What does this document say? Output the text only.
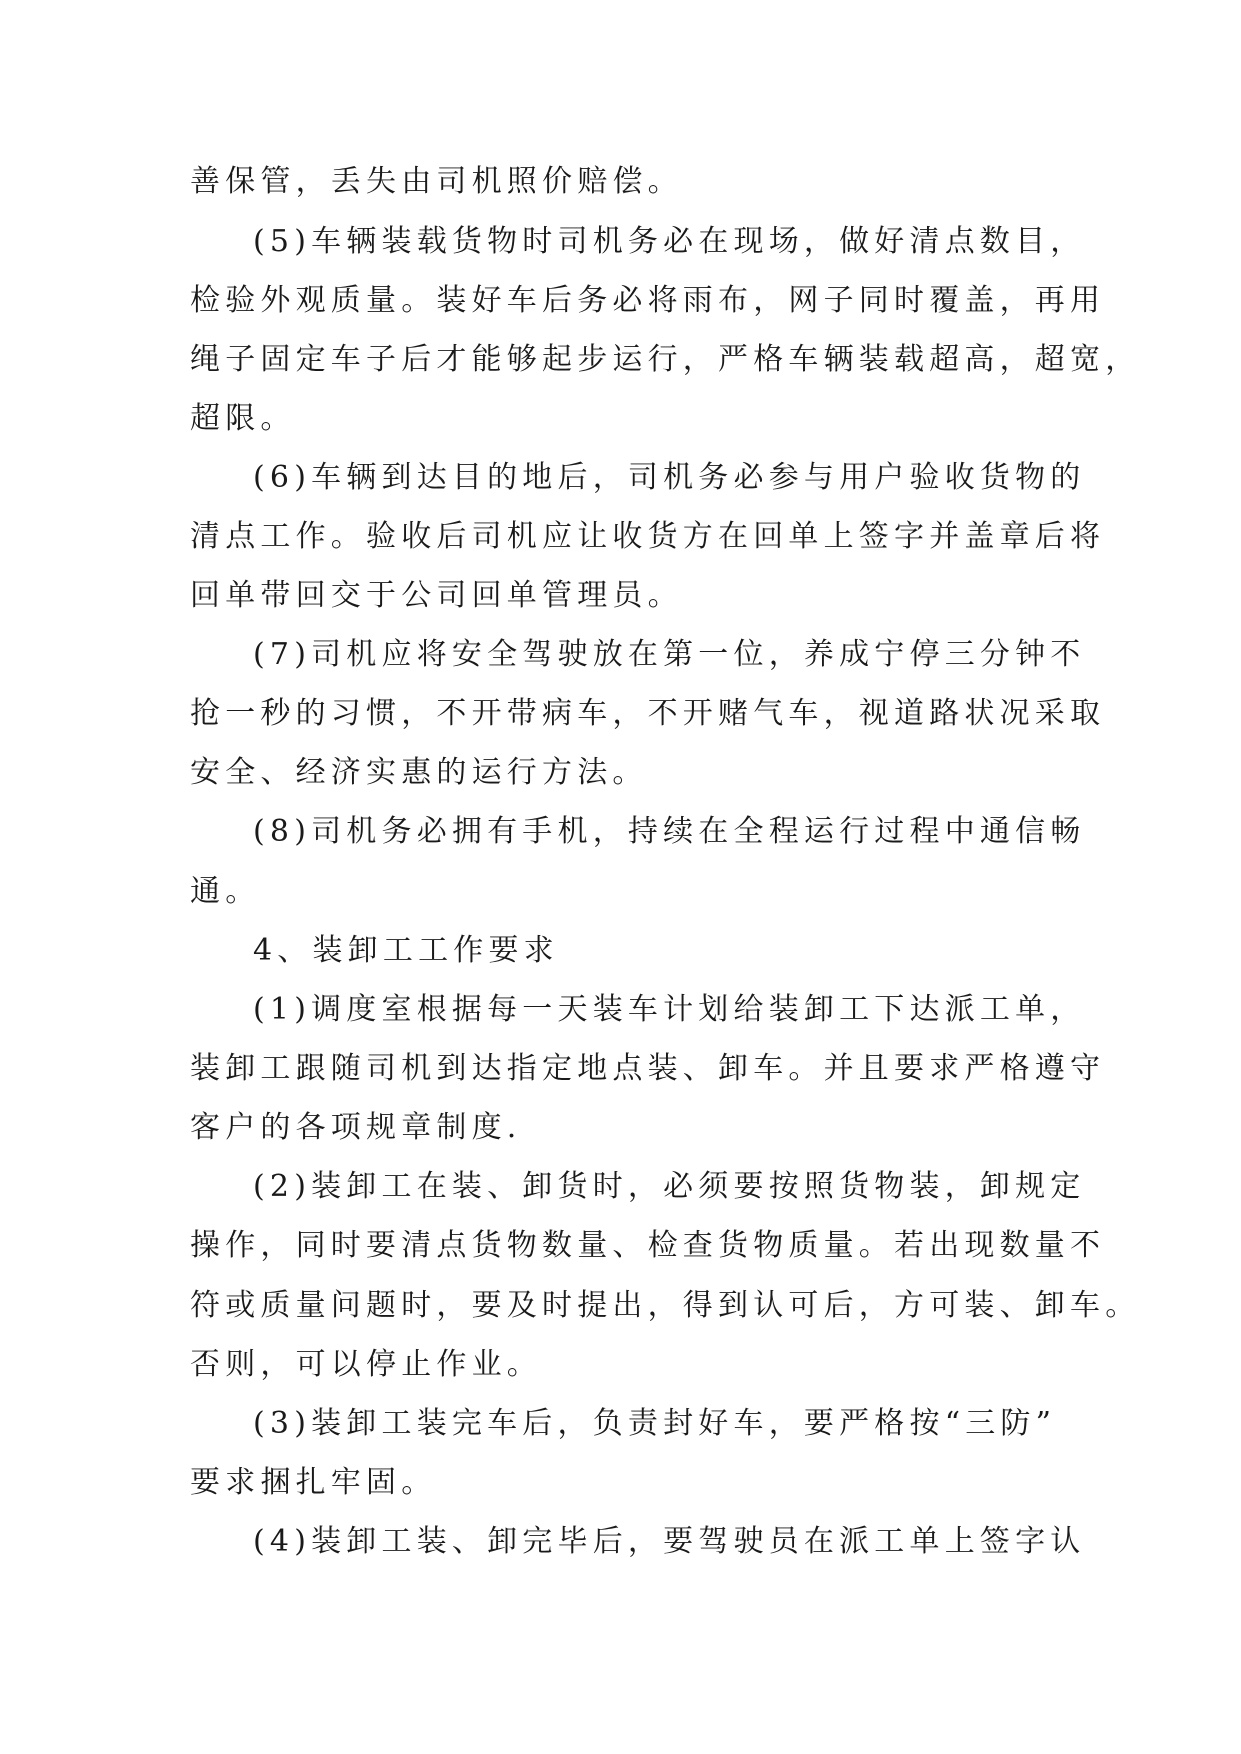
善保管，丢失由司机照价赔偿。
(5)车辆装载货物时司机务必在现场，做好清点数目，
检验外观质量。装好车后务必将雨布，网子同时覆盖，再用
绳子固定车子后才能够起步运行，严格车辆装载超高，超宽，
超限。
(6)车辆到达目的地后，司机务必参与用户验收货物的
清点工作。验收后司机应让收货方在回单上签字并盖章后将
回单带回交于公司回单管理员。
(7)司机应将安全驾驶放在第一位，养成宁停三分钟不
抢一秒的习惯，不开带病车，不开赌气车，视道路状况采取
安全、经济实惠的运行方法。
(8)司机务必拥有手机，持续在全程运行过程中通信畅
通。
4、装卸工工作要求
(1)调度室根据每一天装车计划给装卸工下达派工单，
装卸工跟随司机到达指定地点装、卸车。并且要求严格遵守
客户的各项规章制度.
(2)装卸工在装、卸货时，必须要按照货物装，卸规定
操作，同时要清点货物数量、检查货物质量。若出现数量不
符或质量问题时，要及时提出，得到认可后，方可装、卸车。
否则，可以停止作业。
(3)装卸工装完车后，负责封好车，要严格按“三防”
要求捆扎牢固。
(4)装卸工装、卸完毕后，要驾驶员在派工单上签字认
